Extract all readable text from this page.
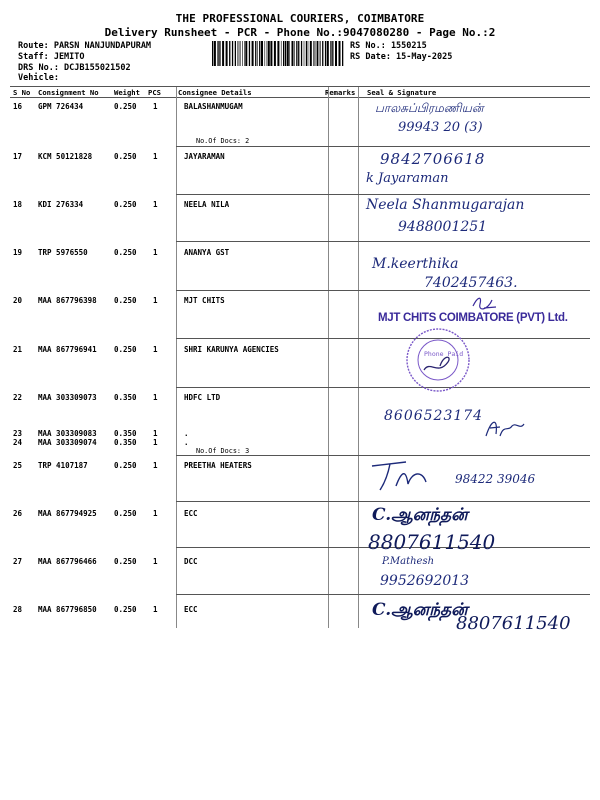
THE PROFESSIONAL COURIERS, COIMBATORE
Delivery Runsheet - PCR - Phone No.:9047080280 - Page No.:2
Route: PARSN NANJUNDAPURAM
Staff: JEMITO
DRS No.: DCJB155021502
Vehicle:
RS No.: 1550215
RS Date: 15-May-2025
S No Consignment No Weight PCS Consignee Details	Remarks Seal & Signature
16 GPM 726434	0.250 1	BALASHANMUGAM
No.Of Docs: 2
17 KCM 50121828	0.250 1	JAYARAMAN
18 KDI 276334	0.250 1	NEELA NILA
19 TRP 5976550	0.250 1	ANANYA GST
20 MAA 867796398 0.250 1	MJT CHITS
21 MAA 867796941 0.250 1	SHRI KARUNYA AGENCIES
22 MAA 303309073 0.350 1	HDFC LTD
23 MAA 303309083 0.350 1	.
24 MAA 303309074 0.350 1	.
No.Of Docs: 3
25 TRP 4107187	0.250 1	PREETHA HEATERS
26 MAA 867794925 0.250 1	ECC
27 MAA 867796466 0.250 1	DCC
28 MAA 867796850 0.250 1	ECC
பாலசுப்பிரமணியன்
99943 20 (3)
9842706618
k Jayaraman
Neela Shanmugarajan
9488001251
M.keerthika
7402457463.
MJT CHITS COIMBATORE (PVT) Ltd.
Phone Paid
8606523174
98422 39046
C.ஆனந்தன்
8807611540
P.Mathesh
9952692013
C.ஆனந்தன்
8807611540
